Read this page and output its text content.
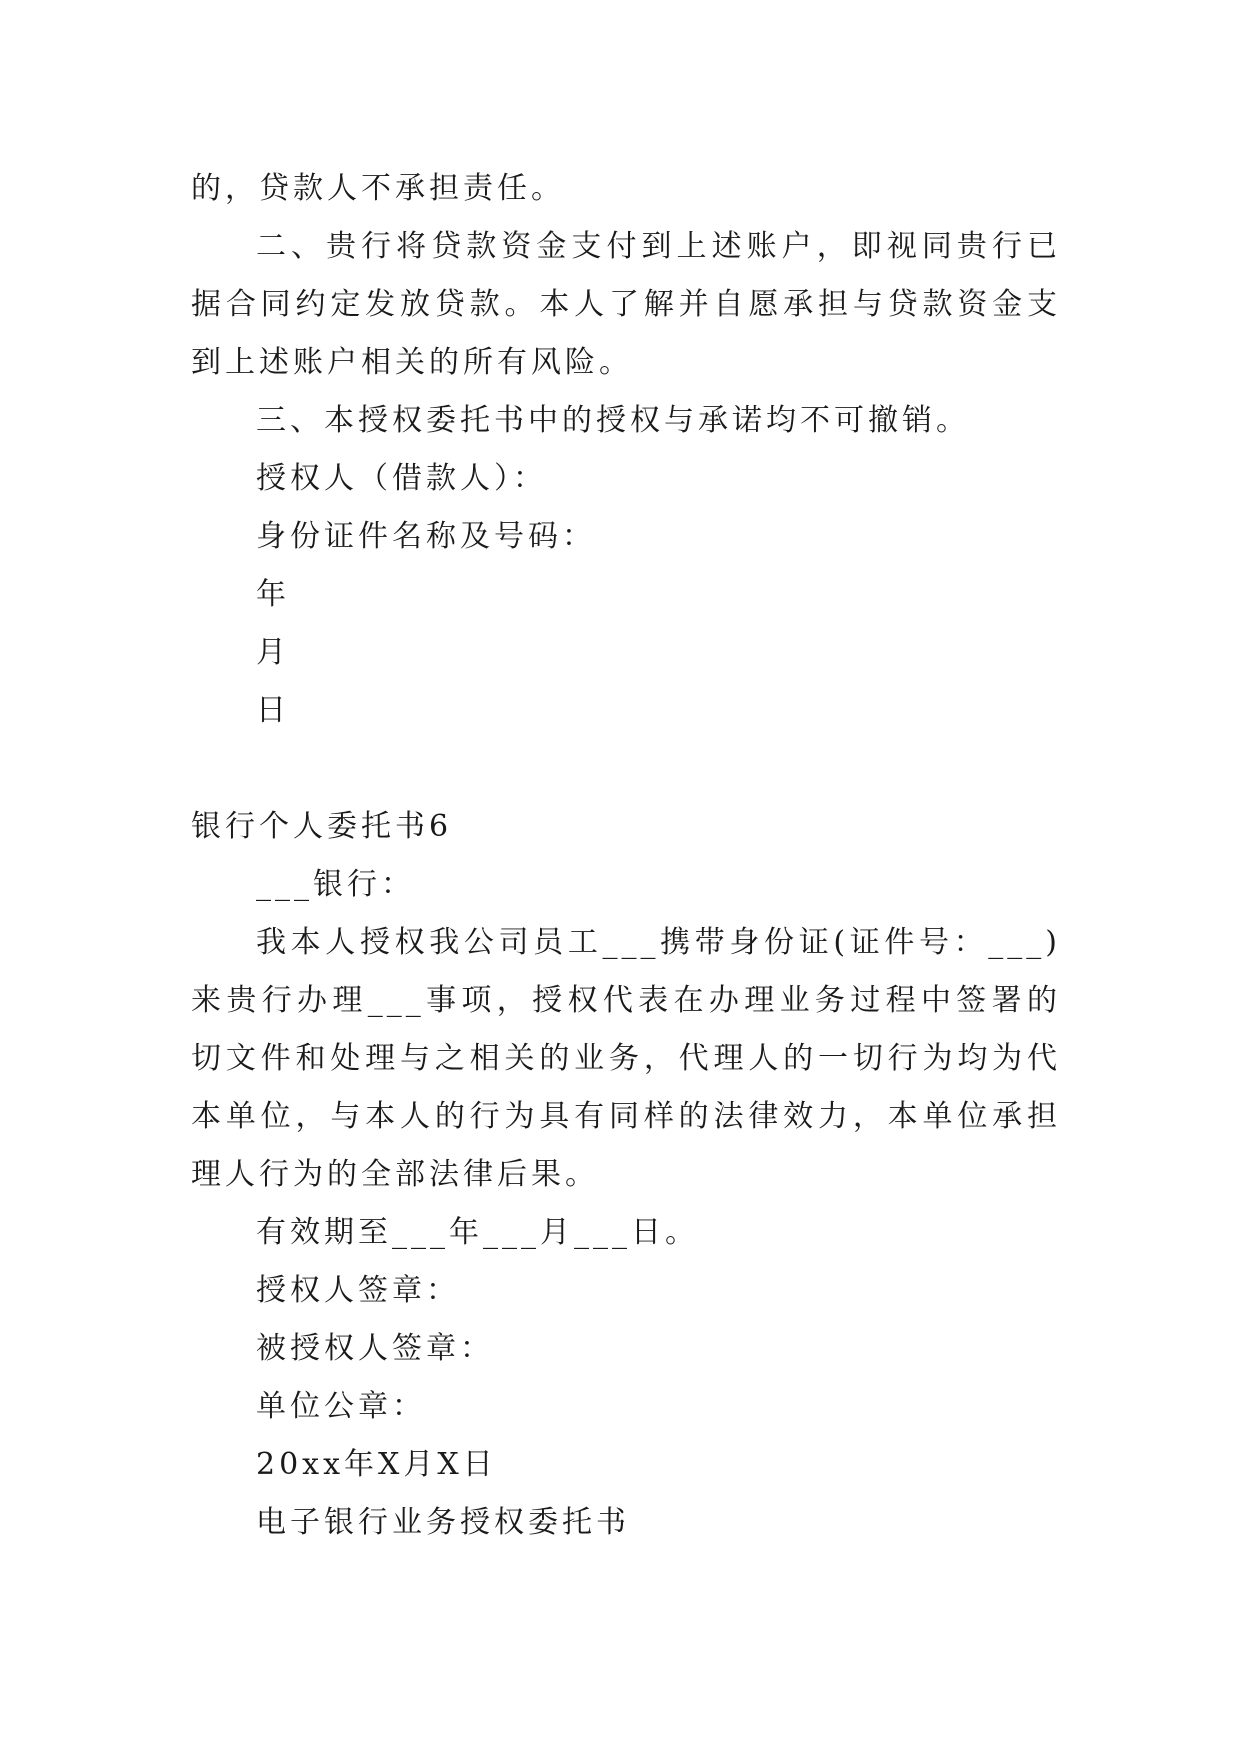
的，贷款人不承担责任。
二、贵行将贷款资金支付到上述账户，即视同贵行已
据合同约定发放贷款。本人了解并自愿承担与贷款资金支
到上述账户相关的所有风险。
三、本授权委托书中的授权与承诺均不可撤销。
授权人（借款人）：
身份证件名称及号码：
年
月
日
银行个人委托书6
___银行：
我本人授权我公司员工___携带身份证(证件号：___)
来贵行办理___事项，授权代表在办理业务过程中签署的
切文件和处理与之相关的业务，代理人的一切行为均为代
本单位，与本人的行为具有同样的法律效力，本单位承担
理人行为的全部法律后果。
有效期至___年___月___日。
授权人签章：
被授权人签章：
单位公章：
20xx年X月X日
电子银行业务授权委托书
